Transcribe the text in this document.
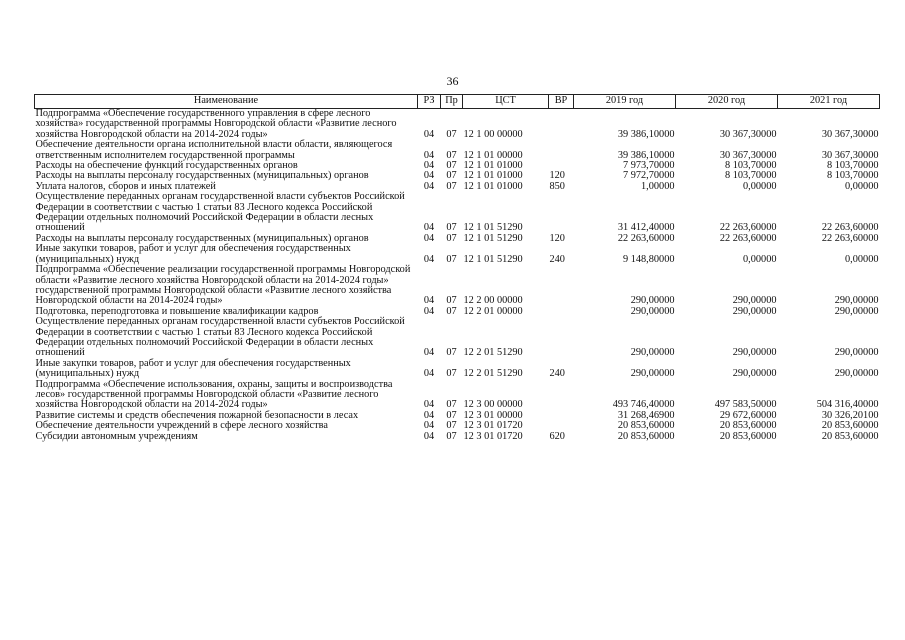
36
Наименование	РЗ	Пр	ЦСТ	ВР	2019 год	2020 год	2021 год
Подпрограмма «Обеспечение государственного управления в сфере лесного хозяйства» государственной программы Новгородской области «Развитие лесного хозяйства Новгородской области на 2014-2024 годы»	04	07	12 1 00 00000		39 386,10000	30 367,30000	30 367,30000
Обеспечение деятельности органа исполнительной власти области, являющегося ответственным исполнителем государственной программы	04	07	12 1 01 00000		39 386,10000	30 367,30000	30 367,30000
Расходы на обеспечение функций государственных органов	04	07	12 1 01 01000		7 973,70000	8 103,70000	8 103,70000
Расходы на выплаты персоналу государственных (муниципальных) органов	04	07	12 1 01 01000	120	7 972,70000	8 103,70000	8 103,70000
Уплата налогов, сборов и иных платежей	04	07	12 1 01 01000	850	1,00000	0,00000	0,00000
Осуществление переданных органам государственной власти субъектов Российской Федерации в соответствии с частью 1 статьи 83 Лесного кодекса Российской Федерации отдельных полномочий Российской Федерации в области лесных отношений	04	07	12 1 01 51290		31 412,40000	22 263,60000	22 263,60000
Расходы на выплаты персоналу государственных (муниципальных) органов	04	07	12 1 01 51290	120	22 263,60000	22 263,60000	22 263,60000
Иные закупки товаров, работ и услуг для обеспечения государственных (муниципальных) нужд	04	07	12 1 01 51290	240	9 148,80000	0,00000	0,00000
Подпрограмма «Обеспечение реализации государственной программы Новгородской области «Развитие лесного хозяйства Новгородской области на 2014-2024 годы» государственной программы Новгородской области «Развитие лесного хозяйства Новгородской области на 2014-2024 годы»	04	07	12 2 00 00000		290,00000	290,00000	290,00000
Подготовка, переподготовка и повышение квалификации кадров	04	07	12 2 01 00000		290,00000	290,00000	290,00000
Осуществление переданных органам государственной власти субъектов Российской Федерации в соответствии с частью 1 статьи 83 Лесного кодекса Российской Федерации отдельных полномочий Российской Федерации в области лесных отношений	04	07	12 2 01 51290		290,00000	290,00000	290,00000
Иные закупки товаров, работ и услуг для обеспечения государственных (муниципальных) нужд	04	07	12 2 01 51290	240	290,00000	290,00000	290,00000
Подпрограмма «Обеспечение использования, охраны, защиты и воспроизводства лесов» государственной программы Новгородской области «Развитие лесного хозяйства Новгородской области на 2014-2024 годы»	04	07	12 3 00 00000		493 746,40000	497 583,50000	504 316,40000
Развитие системы и средств обеспечения пожарной безопасности в лесах	04	07	12 3 01 00000		31 268,46900	29 672,60000	30 326,20100
Обеспечение деятельности учреждений в сфере лесного хозяйства	04	07	12 3 01 01720		20 853,60000	20 853,60000	20 853,60000
Субсидии автономным учреждениям	04	07	12 3 01 01720	620	20 853,60000	20 853,60000	20 853,60000
